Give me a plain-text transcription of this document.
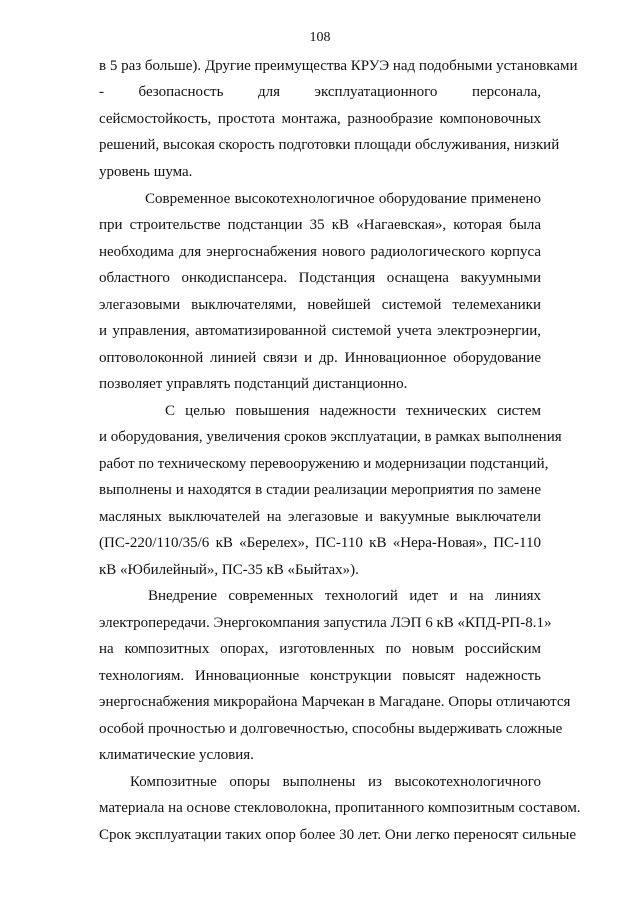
108
в 5 раз больше). Другие преимущества КРУЭ над подобными установками
- безопасность для эксплуатационного персонала,
сейсмостойкость, простота монтажа, разнообразие компоновочных
решений, высокая скорость подготовки площади обслуживания, низкий
уровень шума.
Современное высокотехнологичное оборудование применено
при строительстве подстанции 35 кВ «Нагаевская», которая была
необходима для энергоснабжения нового радиологического корпуса
областного онкодиспансера. Подстанция оснащена вакуумными
элегазовыми выключателями, новейшей системой телемеханики
и управления, автоматизированной системой учета электроэнергии,
оптоволоконной линией связи и др. Инновационное оборудование
позволяет управлять подстанций дистанционно.
С целью повышения надежности технических систем
и оборудования, увеличения сроков эксплуатации, в рамках выполнения
работ по техническому перевооружению и модернизации подстанций,
выполнены и находятся в стадии реализации мероприятия по замене
масляных выключателей на элегазовые и вакуумные выключатели
(ПС-220/110/35/6 кВ «Берелех», ПС-110 кВ «Нера-Новая», ПС-110
кВ «Юбилейный», ПС-35 кВ «Быйтах»).
Внедрение современных технологий идет и на линиях
электропередачи. Энергокомпания запустила ЛЭП 6 кВ «КПД-РП-8.1»
на композитных опорах, изготовленных по новым российским
технологиям. Инновационные конструкции повысят надежность
энергоснабжения микрорайона Марчекан в Магадане. Опоры отличаются
особой прочностью и долговечностью, способны выдерживать сложные
климатические условия.
Композитные опоры выполнены из высокотехнологичного
материала на основе стекловолокна, пропитанного композитным составом.
Срок эксплуатации таких опор более 30 лет. Они легко переносят сильные
